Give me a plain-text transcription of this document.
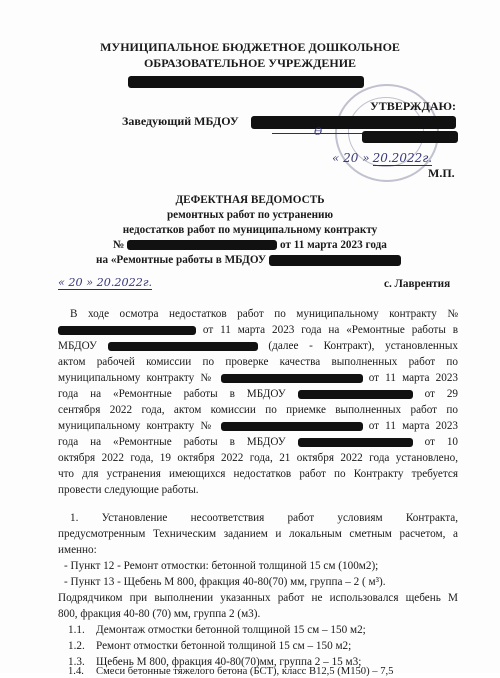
МУНИЦИПАЛЬНОЕ БЮДЖЕТНОЕ ДОШКОЛЬНОЕ
ОБРАЗОВАТЕЛЬНОЕ УЧРЕЖДЕНИЕ
УТВЕРЖДАЮ:
Заведующий МБДОУ
Ѳ
« 20 » 20.2022г.
М.П.
ДЕФЕКТНАЯ ВЕДОМОСТЬ
ремонтных работ по устранению
недостатков работ по муниципальному контракту
№	от 11 марта 2023 года
на «Ремонтные работы в МБДОУ
« 20 » 20.2022г.	с. Лаврентия
В ходе осмотра недостатков работ по муниципальному контракту №
от 11 марта 2023 года на «Ремонтные работы в
МБДОУ	(далее - Контракт), установленных
актом рабочей комиссии по проверке качества выполненных работ по
муниципальному контракту №	от 11 марта 2023
года на «Ремонтные работы в МБДОУ	от 29
сентября 2022 года, актом комиссии по приемке выполненных работ по
муниципальному контракту №	от 11 марта 2023
года на «Ремонтные работы в МБДОУ	от 10
октября 2022 года, 19 октября 2022 года, 21 октября 2022 года установлено,
что для устранения имеющихся недостатков работ по Контракту требуется
провести следующие работы.
1. Установление несоответствия работ условиям Контракта,
предусмотренным Техническим заданием и локальным сметным расчетом, а
именно:
- Пункт 12 - Ремонт отмостки: бетонной толщиной 15 см (100м2);
- Пункт 13 - Щебень М 800, фракция 40-80(70) мм, группа – 2 ( м³).
Подрядчиком при выполнении указанных работ не использовался щебень М
800, фракция 40-80 (70) мм, группа 2 (м3).
1.1. Демонтаж отмостки бетонной толщиной 15 см – 150 м2;
1.2. Ремонт отмостки бетонной толщиной 15 см – 150 м2;
1.3. Щебень М 800, фракция 40-80(70)мм, группа 2 – 15 м3;
1.4. Смеси бетонные тяжелого бетона (БСТ), класс В12,5 (М150) – 7,5
